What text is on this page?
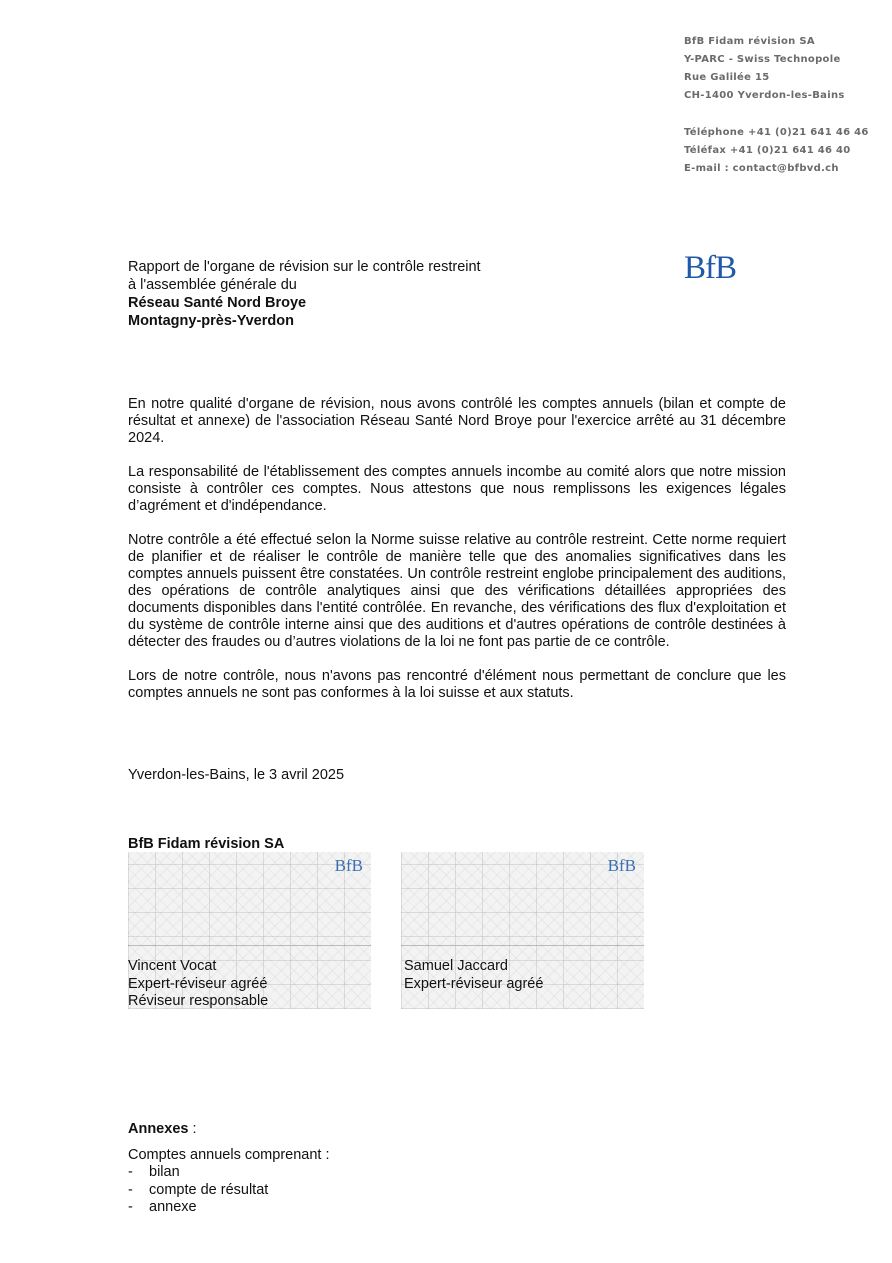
BfB Fidam révision SA
Y-PARC - Swiss Technopole
Rue Galilée 15
CH-1400 Yverdon-les-Bains
Téléphone +41 (0)21 641 46 46
Téléfax +41 (0)21 641 46 40
E-mail : contact@bfbvd.ch
BfB
Rapport de l'organe de révision sur le contrôle restreint
à l'assemblée générale du
Réseau Santé Nord Broye
Montagny-près-Yverdon

En notre qualité d'organe de révision, nous avons contrôlé les comptes annuels (bilan et compte de résultat et annexe) de l'association Réseau Santé Nord Broye pour l'exercice arrêté au 31 décembre 2024.

La responsabilité de l'établissement des comptes annuels incombe au comité alors que notre mission consiste à contrôler ces comptes. Nous attestons que nous remplissons les exigences légales d’agrément et d'indépendance.

Notre contrôle a été effectué selon la Norme suisse relative au contrôle restreint. Cette norme requiert de planifier et de réaliser le contrôle de manière telle que des anomalies significatives dans les comptes annuels puissent être constatées. Un contrôle restreint englobe principalement des auditions, des opérations de contrôle analytiques ainsi que des vérifications détaillées appropriées des documents disponibles dans l'entité contrôlée. En revanche, des vérifications des flux d'exploitation et du système de contrôle interne ainsi que des auditions et d'autres opérations de contrôle destinées à détecter des fraudes ou d’autres violations de la loi ne font pas partie de ce contrôle.

Lors de notre contrôle, nous n'avons pas rencontré d'élément nous permettant de conclure que les comptes annuels ne sont pas conformes à la loi suisse et aux statuts.

Yverdon-les-Bains, le 3 avril 2025
BfB Fidam révision SA
BfB
Vincent Vocat
Expert-réviseur agréé
Réviseur responsable
BfB
Samuel Jaccard
Expert-réviseur agréé
Annexes :
Comptes annuels comprenant :
- bilan
- compte de résultat
- annexe
